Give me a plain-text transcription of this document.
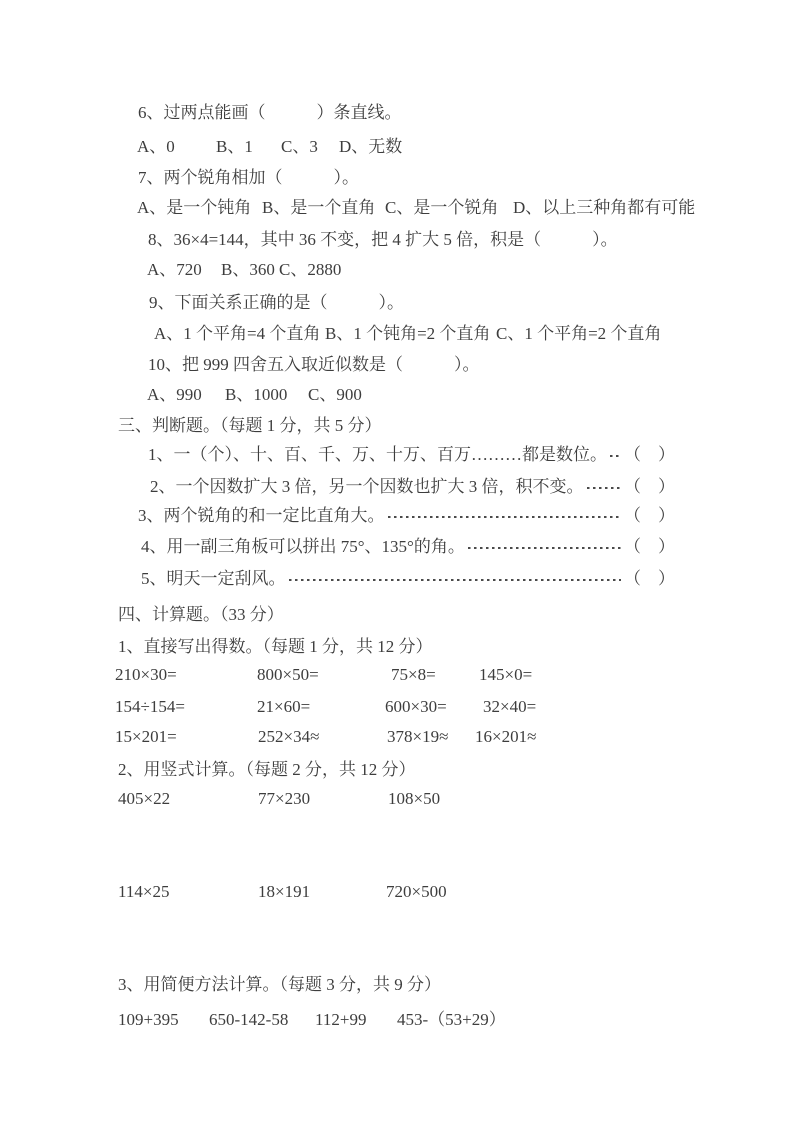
6、过两点能画（　　　）条直线。
A、0 B、1 C、3 D、无数
7、两个锐角相加（　　　）。
A、是一个钝角 B、是一个直角 C、是一个锐角 D、以上三种角都有可能
8、36×4=144，其中 36 不变，把 4 扩大 5 倍，积是（　　　）。
A、720 B、360 C、2880
9、下面关系正确的是（　　　）。
A、1 个平角=4 个直角 B、1 个钝角=2 个直角 C、1 个平角=2 个直角
10、把 999 四舍五入取近似数是（　　　）。
A、990 B、1000 C、900
三、判断题。（每题 1 分，共 5 分）
1、一（个）、十、百、千、万、十万、百万………都是数位。 （　）
2、一个因数扩大 3 倍，另一个因数也扩大 3 倍，积不变。 （　）
3、两个锐角的和一定比直角大。	（　）
4、用一副三角板可以拼出 75°、135°的角。	（　）
5、明天一定刮风。	（　）
四、计算题。（33 分）
1、直接写出得数。（每题 1 分，共 12 分）
210×30=	800×50=	75×8=	145×0=
154÷154=	21×60=	600×30= 32×40=
15×201=	252×34≈	378×19≈ 16×201≈
2、用竖式计算。（每题 2 分，共 12 分）
405×22	77×230	108×50
114×25	18×191	720×500
3、用简便方法计算。（每题 3 分，共 9 分）
109+395 650-142-58 112+99 453-（53+29）
